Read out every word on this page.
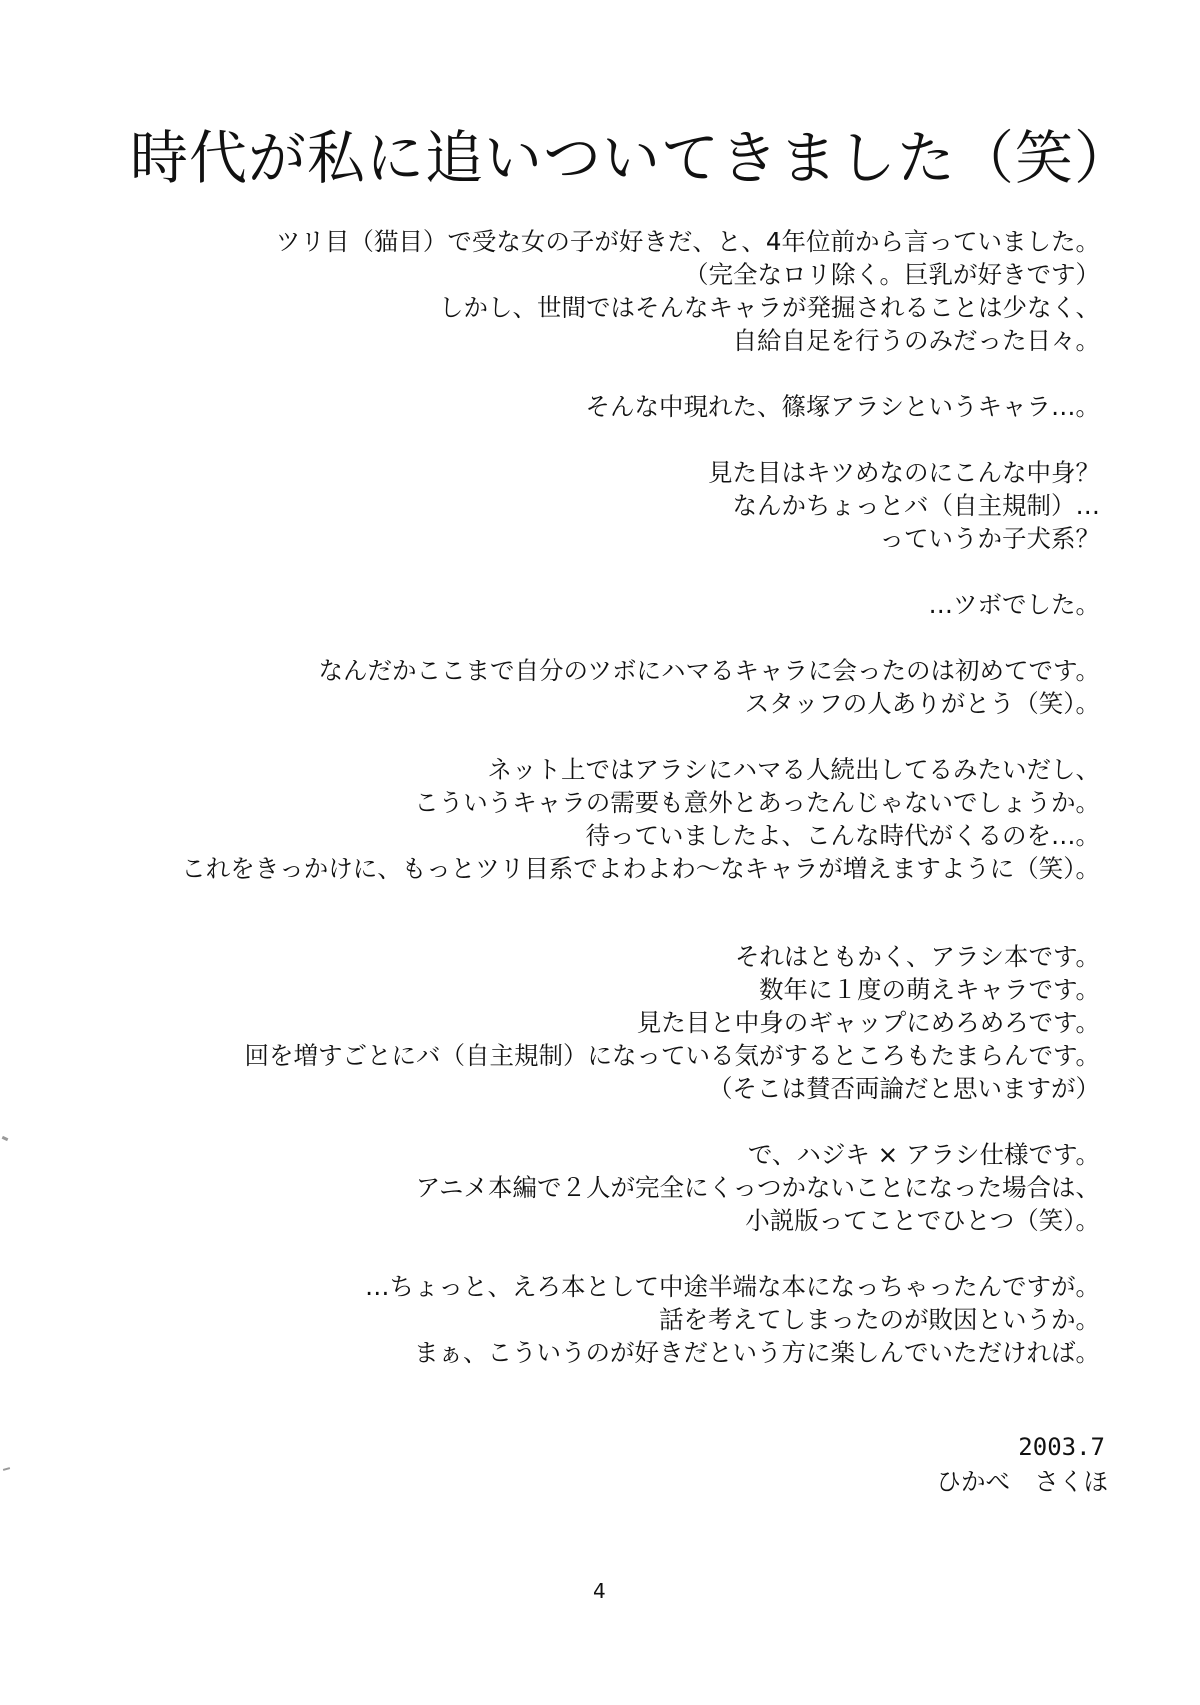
時代が私に追いついてきました（笑）
ツリ目（猫目）で受な女の子が好きだ、と、4年位前から言っていました。
（完全なロリ除く。巨乳が好きです）
しかし、世間ではそんなキャラが発掘されることは少なく、
自給自足を行うのみだった日々。
そんな中現れた、篠塚アラシというキャラ…。
見た目はキツめなのにこんな中身？
なんかちょっとバ（自主規制）…
っていうか子犬系？
…ツボでした。
なんだかここまで自分のツボにハマるキャラに会ったのは初めてです。
スタッフの人ありがとう（笑）。
ネット上ではアラシにハマる人続出してるみたいだし、
こういうキャラの需要も意外とあったんじゃないでしょうか。
待っていましたよ、こんな時代がくるのを…。
これをきっかけに、もっとツリ目系でよわよわ～なキャラが増えますように（笑）。
それはともかく、アラシ本です。
数年に１度の萌えキャラです。
見た目と中身のギャップにめろめろです。
回を増すごとにバ（自主規制）になっている気がするところもたまらんです。
（そこは賛否両論だと思いますが）
で、ハジキ × アラシ仕様です。
アニメ本編で２人が完全にくっつかないことになった場合は、
小説版ってことでひとつ（笑）。
…ちょっと、えろ本として中途半端な本になっちゃったんですが。
話を考えてしまったのが敗因というか。
まぁ、こういうのが好きだという方に楽しんでいただければ。
2003.7
ひかべ　さくほ
4
